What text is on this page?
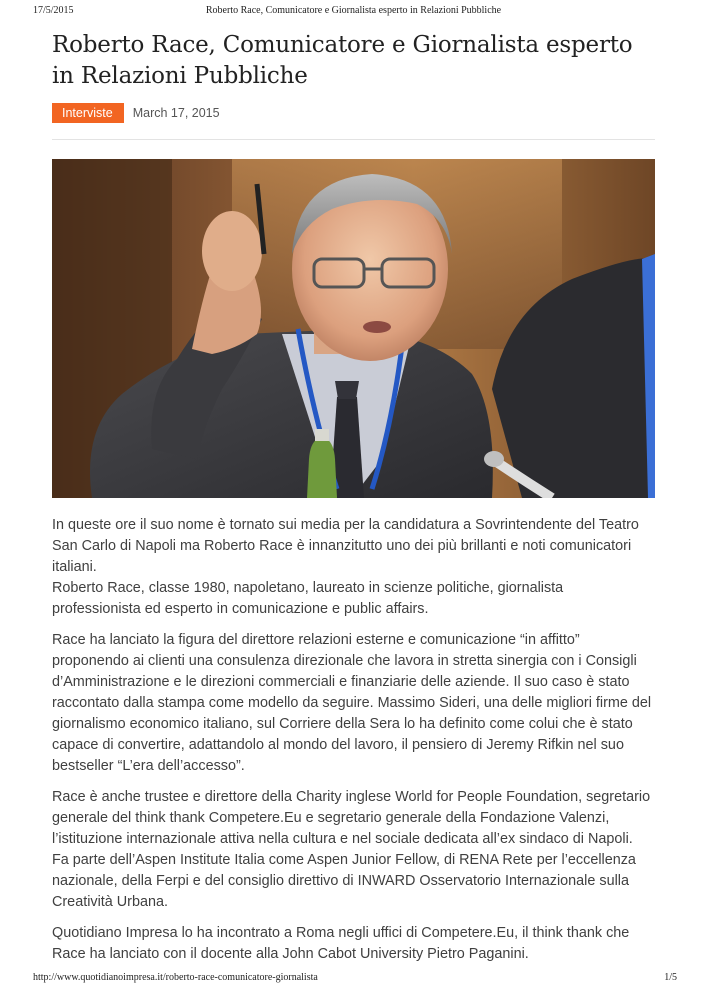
17/5/2015	Roberto Race, Comunicatore e Giornalista esperto in Relazioni Pubbliche
Roberto Race, Comunicatore e Giornalista esperto in Relazioni Pubbliche
Interviste	March 17, 2015

In queste ore il suo nome è tornato sui media per la candidatura a Sovrintendente del Teatro
San Carlo di Napoli ma Roberto Race è innanzitutto uno dei più brillanti e noti comunicatori
italiani.
Roberto Race, classe 1980, napoletano, laureato in scienze politiche, giornalista
professionista ed esperto in comunicazione e public affairs.

Race ha lanciato la figura del direttore relazioni esterne e comunicazione “in affitto”
proponendo ai clienti una consulenza direzionale che lavora in stretta sinergia con i Consigli
d’Amministrazione e le direzioni commerciali e finanziarie delle aziende. Il suo caso è stato
raccontato dalla stampa come modello da seguire. Massimo Sideri, una delle migliori firme del
giornalismo economico italiano, sul Corriere della Sera lo ha definito come colui che è stato
capace di convertire, adattandolo al mondo del lavoro, il pensiero di Jeremy Rifkin nel suo
bestseller “L’era dell’accesso”.

Race è anche trustee e direttore della Charity inglese World for People Foundation, segretario
generale del think thank Competere.Eu e segretario generale della Fondazione Valenzi,
l’istituzione internazionale attiva nella cultura e nel sociale dedicata all’ex sindaco di Napoli.
Fa parte dell’Aspen Institute Italia come Aspen Junior Fellow, di RENA Rete per l’eccellenza
nazionale, della Ferpi e del consiglio direttivo di INWARD Osservatorio Internazionale sulla
Creatività Urbana.

Quotidiano Impresa lo ha incontrato a Roma negli uffici di Competere.Eu, il think thank che
Race ha lanciato con il docente alla John Cabot University Pietro Paganini.

http://www.quotidianoimpresa.it/roberto-race-comunicatore-giornalista	1/5
